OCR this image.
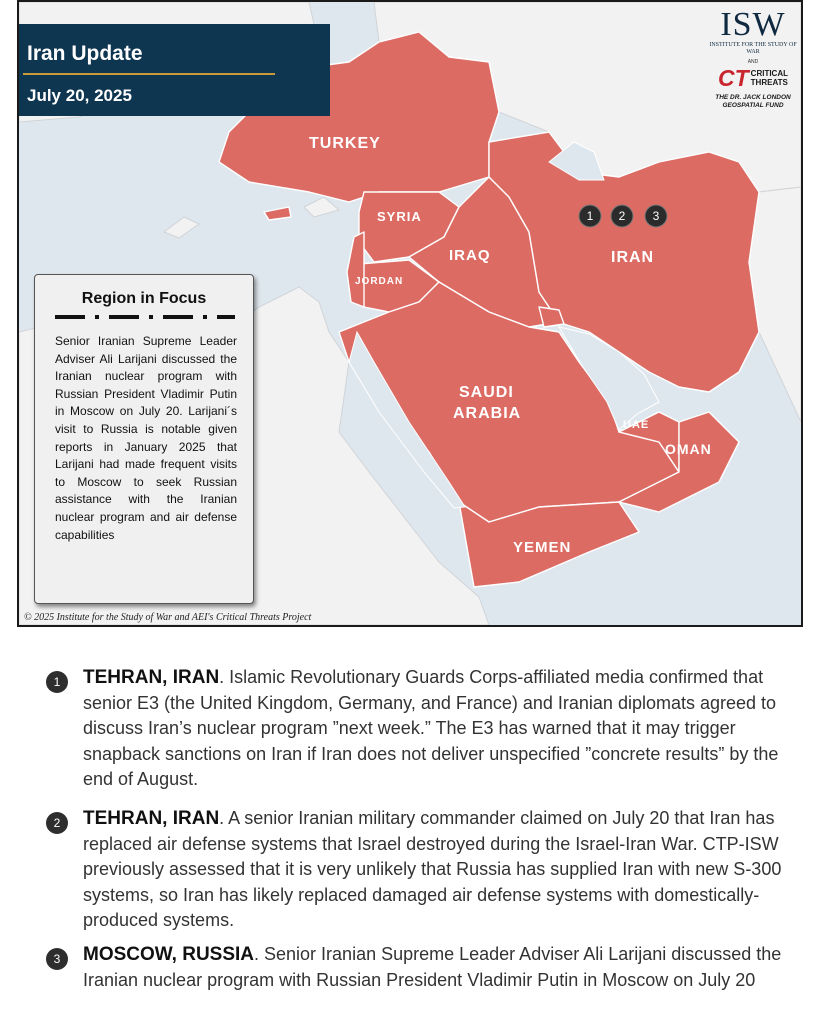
TURKEY
SYRIA
IRAQ	IRAN
JORDAN
SAUDI
ARABIA
UAE
OMAN
YEMEN
1 2 3
Iran Update
July 20, 2025
ISW
INSTITUTE FOR THE STUDY OF WAR
AND
CT CRITICAL
THREATS
THE DR. JACK LONDON
GEOSPATIAL FUND
Region in Focus
Senior Iranian Supreme Leader Adviser Ali Larijani discussed the Iranian nuclear program with Russian President Vladimir Putin in Moscow on July 20. Larijani´s visit to Russia is notable given reports in January 2025 that Larijani had made frequent visits to Moscow to seek Russian assistance with the Iranian nuclear program and air defense capabilities
© 2025 Institute for the Study of War and AEI's Critical Threats Project
1	TEHRAN, IRAN. Islamic Revolutionary Guards Corps-affiliated media confirmed that senior E3 (the United Kingdom, Germany, and France) and Iranian diplomats agreed to discuss Iran’s nuclear program ”next week.” The E3 has warned that it may trigger snapback sanctions on Iran if Iran does not deliver unspecified ”concrete results” by the end of August.
2	TEHRAN, IRAN. A senior Iranian military commander claimed on July 20 that Iran has replaced air defense systems that Israel destroyed during the Israel-Iran War. CTP-ISW previously assessed that it is very unlikely that Russia has supplied Iran with new S-300 systems, so Iran has likely replaced damaged air defense systems with domestically-produced systems.
3	MOSCOW, RUSSIA. Senior Iranian Supreme Leader Adviser Ali Larijani discussed the Iranian nuclear program with Russian President Vladimir Putin in Moscow on July 20
